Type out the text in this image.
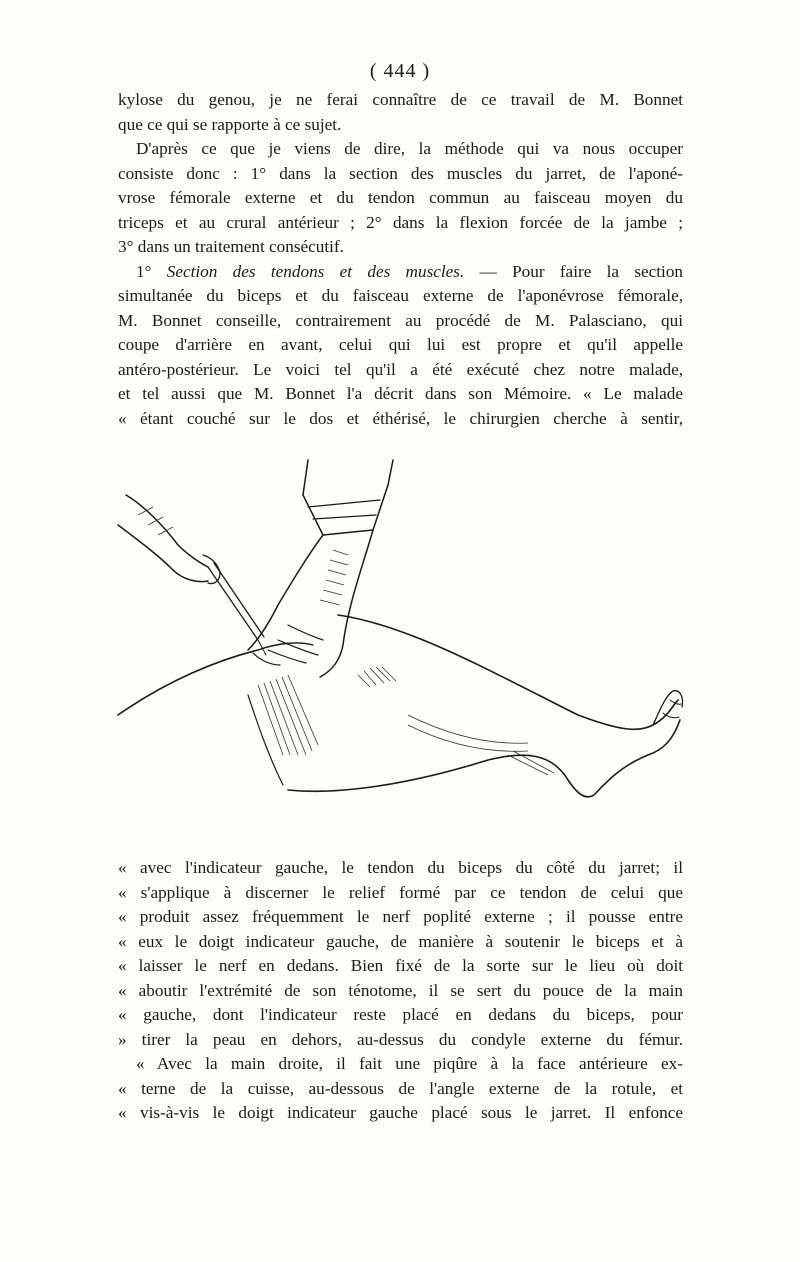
( 444 )
kylose du genou, je ne ferai connaître de ce travail de M. Bonnet
que ce qui se rapporte à ce sujet.
D'après ce que je viens de dire, la méthode qui va nous occuper
consiste donc : 1° dans la section des muscles du jarret, de l'aponé-
vrose fémorale externe et du tendon commun au faisceau moyen du
triceps et au crural antérieur ; 2° dans la flexion forcée de la jambe ;
3° dans un traitement consécutif.
1° Section des tendons et des muscles. — Pour faire la section
simultanée du biceps et du faisceau externe de l'aponévrose fémorale,
M. Bonnet conseille, contrairement au procédé de M. Palasciano, qui
coupe d'arrière en avant, celui qui lui est propre et qu'il appelle
antéro-postérieur. Le voici tel qu'il a été exécuté chez notre malade,
et tel aussi que M. Bonnet l'a décrit dans son Mémoire. « Le malade
« étant couché sur le dos et éthérisé, le chirurgien cherche à sentir,
« avec l'indicateur gauche, le tendon du biceps du côté du jarret; il
« s'applique à discerner le relief formé par ce tendon de celui que
« produit assez fréquemment le nerf poplité externe ; il pousse entre
« eux le doigt indicateur gauche, de manière à soutenir le biceps et à
« laisser le nerf en dedans. Bien fixé de la sorte sur le lieu où doit
« aboutir l'extrémité de son ténotome, il se sert du pouce de la main
« gauche, dont l'indicateur reste placé en dedans du biceps, pour
» tirer la peau en dehors, au-dessus du condyle externe du fémur.
« Avec la main droite, il fait une piqûre à la face antérieure ex-
« terne de la cuisse, au-dessous de l'angle externe de la rotule, et
« vis-à-vis le doigt indicateur gauche placé sous le jarret. Il enfonce
